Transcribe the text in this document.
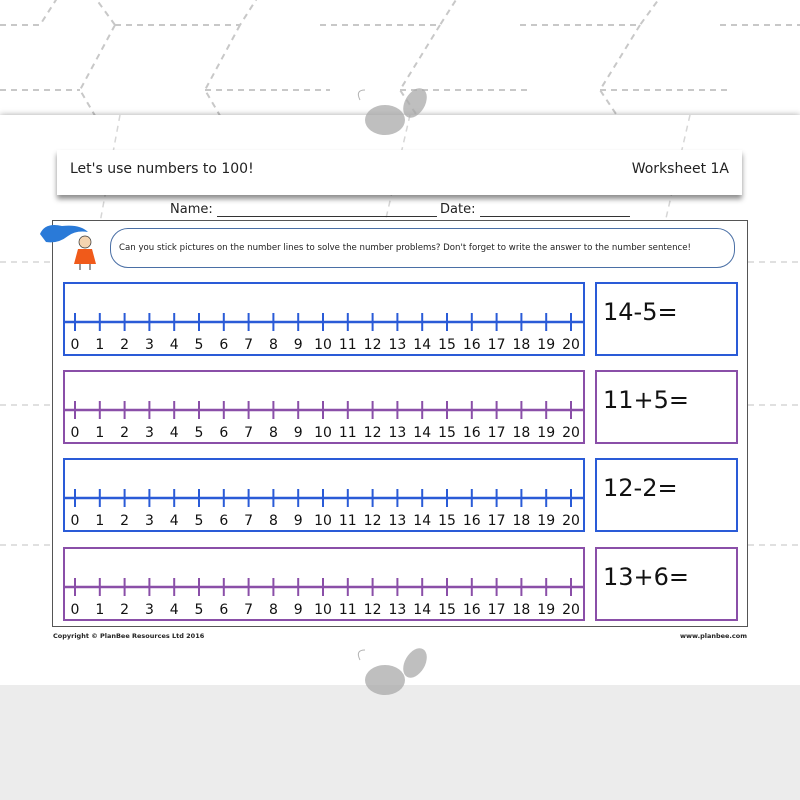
Let's use numbers to 100!	Worksheet 1A
Name:	Date:
Can you stick pictures on the number lines to solve the number problems? Don't forget to write the answer to the number sentence!
0 1 2 3 4 5 6 7 8 9 10 11 12 13 14 15 16 17 18 19 20
14-5=
0 1 2 3 4 5 6 7 8 9 10 11 12 13 14 15 16 17 18 19 20
11+5=
0 1 2 3 4 5 6 7 8 9 10 11 12 13 14 15 16 17 18 19 20
12-2=
0 1 2 3 4 5 6 7 8 9 10 11 12 13 14 15 16 17 18 19 20
13+6=
Copyright © PlanBee Resources Ltd 2016	www.planbee.com
